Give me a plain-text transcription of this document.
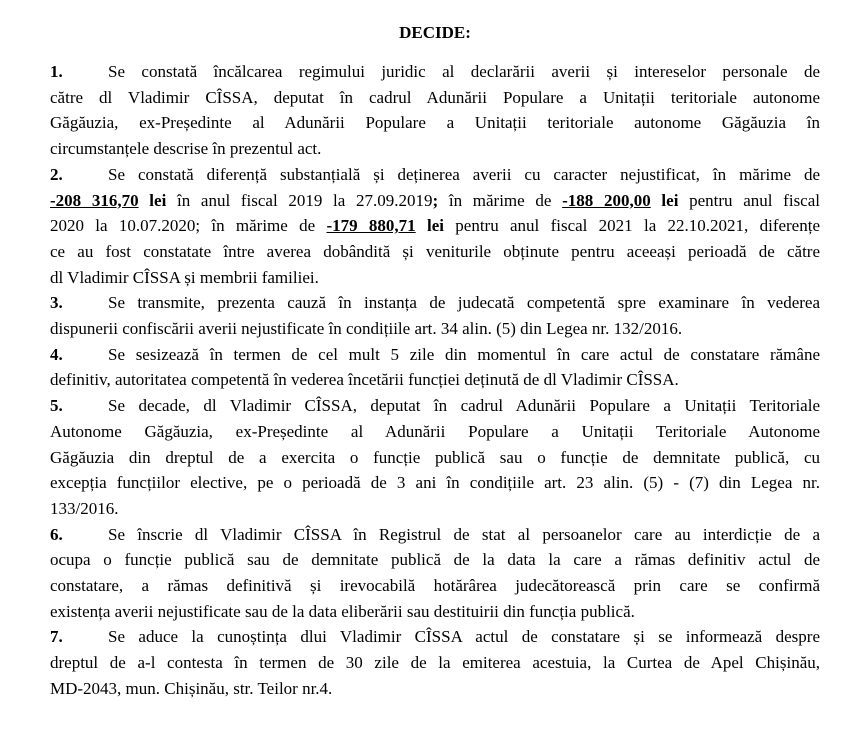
DECIDE:
1.	Se constată încălcarea regimului juridic al declarării averii și intereselor personale de
către dl Vladimir CÎSSA, deputat în cadrul Adunării Populare a Unitații teritoriale autonome
Găgăuzia, ex-Președinte al Adunării Populare a Unitații teritoriale autonome Găgăuzia în
circumstanțele descrise în prezentul act.
2.	Se constată diferență substanțială și deținerea averii cu caracter nejustificat, în mărime de
-208 316,70 lei în anul fiscal 2019 la 27.09.2019; în mărime de -188 200,00 lei pentru anul fiscal
2020 la 10.07.2020; în mărime de -179 880,71 lei pentru anul fiscal 2021 la 22.10.2021, diferențe
ce au fost constatate între averea dobândită și veniturile obținute pentru aceeași perioadă de către
dl Vladimir CÎSSA și membrii familiei.
3.	Se transmite, prezenta cauză în instanța de judecată competentă spre examinare în vederea
dispunerii confiscării averii nejustificate în condițiile art. 34 alin. (5) din Legea nr. 132/2016.
4.	Se sesizează în termen de cel mult 5 zile din momentul în care actul de constatare rămâne
definitiv, autoritatea competentă în vederea încetării funcției deținută de dl Vladimir CÎSSA.
5.	Se decade, dl Vladimir CÎSSA, deputat în cadrul Adunării Populare a Unitații Teritoriale
Autonome Găgăuzia, ex-Președinte al Adunării Populare a Unitații Teritoriale Autonome
Găgăuzia din dreptul de a exercita o funcție publică sau o funcție de demnitate publică, cu
excepția funcțiilor elective, pe o perioadă de 3 ani în condițiile art. 23 alin. (5) - (7) din Legea nr.
133/2016.
6.	Se înscrie dl Vladimir CÎSSA în Registrul de stat al persoanelor care au interdicție de a
ocupa o funcție publică sau de demnitate publică de la data la care a rămas definitiv actul de
constatare, a rămas definitivă și irevocabilă hotărârea judecătorească prin care se confirmă
existența averii nejustificate sau de la data eliberării sau destituirii din funcția publică.
7.	Se aduce la cunoștința dlui Vladimir CÎSSA actul de constatare și se informează despre
dreptul de a-l contesta în termen de 30 zile de la emiterea acestuia, la Curtea de Apel Chișinău,
MD-2043, mun. Chișinău, str. Teilor nr.4.
